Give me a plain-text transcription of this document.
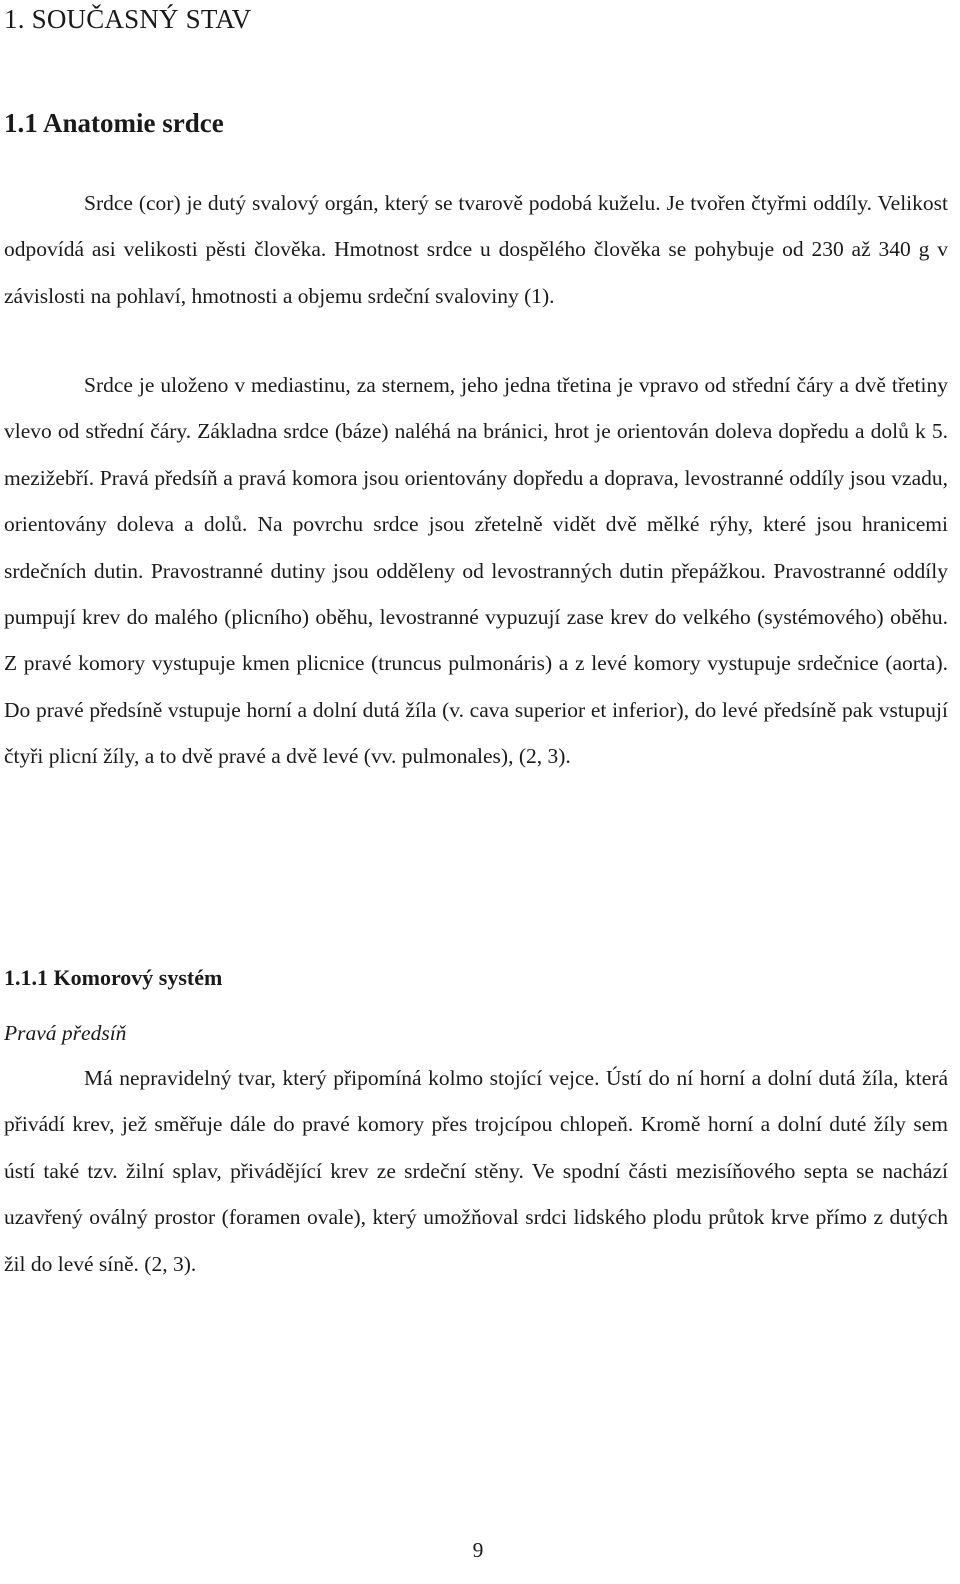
1. SOUČASNÝ STAV
1.1 Anatomie srdce

Srdce (cor) je dutý svalový orgán, který se tvarově podobá kuželu. Je tvořen čtyřmi oddíly. Velikost odpovídá asi velikosti pěsti člověka. Hmotnost srdce u dospělého člověka se pohybuje od 230 až 340 g v závislosti na pohlaví, hmotnosti a objemu srdeční svaloviny (1).

Srdce je uloženo v mediastinu, za sternem, jeho jedna třetina je vpravo od střední čáry a dvě třetiny vlevo od střední čáry. Základna srdce (báze) naléhá na bránici, hrot je orientován doleva dopředu a dolů k 5. mezižebří. Pravá předsíň a pravá komora jsou orientovány dopředu a doprava, levostranné oddíly jsou vzadu, orientovány doleva a dolů. Na povrchu srdce jsou zřetelně vidět dvě mělké rýhy, které jsou hranicemi srdečních dutin. Pravostranné dutiny jsou odděleny od levostranných dutin přepážkou. Pravostranné oddíly pumpují krev do malého (plicního) oběhu, levostranné vypuzují zase krev do velkého (systémového) oběhu. Z pravé komory vystupuje kmen plicnice (truncus pulmonáris) a z levé komory vystupuje srdečnice (aorta). Do pravé předsíně vstupuje horní a dolní dutá žíla (v. cava superior et inferior), do levé předsíně pak vstupují čtyři plicní žíly, a to dvě pravé a dvě levé (vv. pulmonales), (2, 3).

1.1.1 Komorový systém

Pravá předsíň

Má nepravidelný tvar, který připomíná kolmo stojící vejce. Ústí do ní horní a dolní dutá žíla, která přivádí krev, jež směřuje dále do pravé komory přes trojcípou chlopeň. Kromě horní a dolní duté žíly sem ústí také tzv. žilní splav, přivádějící krev ze srdeční stěny. Ve spodní části mezisíňového septa se nachází uzavřený oválný prostor (foramen ovale), který umožňoval srdci lidského plodu průtok krve přímo z dutých žil do levé síně. (2, 3).

9
